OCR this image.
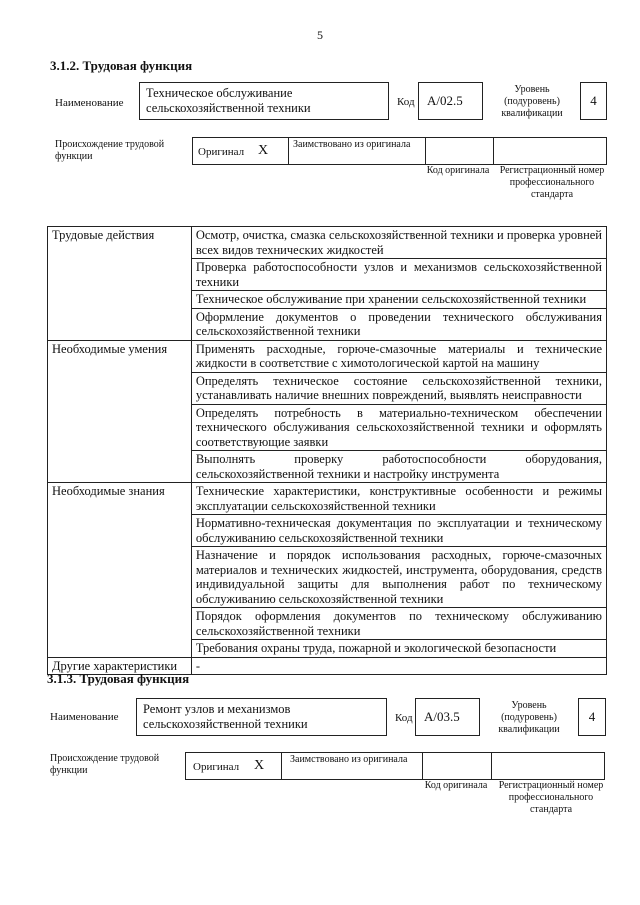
5
3.1.2. Трудовая функция
Наименование
Техническое обслуживание сельскохозяйственной техники	Код A/02.5
Уровень (подуровень) квалификации
4
Происхождение трудовой функции	Оригинал X Заимствовано из оригинала
Код оригинала Регистрационный номер профессионального стандарта
Трудовые действия	Осмотр, очистка, смазка сельскохозяйственной техники и проверка уровней всех видов технических жидкостей
	Проверка работоспособности узлов и механизмов сельскохозяйственной техники
	Техническое обслуживание при хранении сельскохозяйственной техники
	Оформление документов о проведении технического обслуживания сельскохозяйственной техники
Необходимые умения	Применять расходные, горюче-смазочные материалы и технические жидкости в соответствие с химотологической картой на машину
	Определять техническое состояние сельскохозяйственной техники, устанавливать наличие внешних повреждений, выявлять неисправности
	Определять потребность в материально-техническом обеспечении технического обслуживания сельскохозяйственной техники и оформлять соответствующие заявки
	Выполнять проверку работоспособности оборудования, сельскохозяйственной техники и настройку инструмента
Необходимые знания	Технические характеристики, конструктивные особенности и режимы эксплуатации сельскохозяйственной техники
	Нормативно-техническая документация по эксплуатации и техническому обслуживанию сельскохозяйственной техники
	Назначение и порядок использования расходных, горюче-смазочных материалов и технических жидкостей, инструмента, оборудования, средств индивидуальной защиты для выполнения работ по техническому обслуживанию сельскохозяйственной техники
	Порядок оформления документов по техническому обслуживанию сельскохозяйственной техники
	Требования охраны труда, пожарной и экологической безопасности
Другие характеристики	-
3.1.3. Трудовая функция
Наименование
Ремонт узлов и механизмов сельскохозяйственной техники	Код A/03.5
Уровень (подуровень) квалификации
4
Происхождение трудовой функции	Оригинал X	Заимствовано из оригинала
Код оригинала Регистрационный номер профессионального стандарта
